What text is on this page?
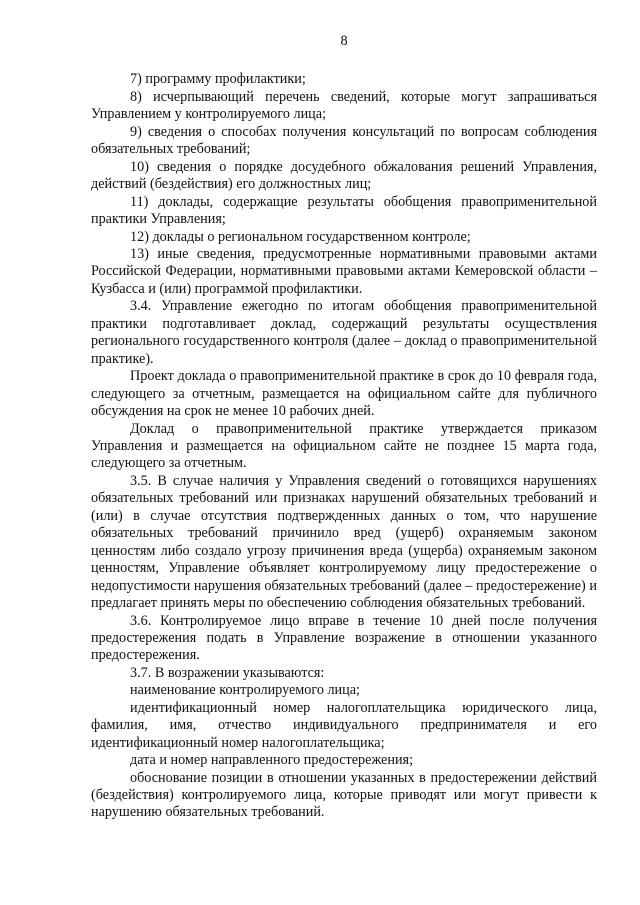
8

7) программу профилактики;

8) исчерпывающий перечень сведений, которые могут запрашиваться Управлением у контролируемого лица;

9) сведения о способах получения консультаций по вопросам соблюдения обязательных требований;

10) сведения о порядке досудебного обжалования решений Управления, действий (бездействия) его должностных лиц;

11) доклады, содержащие результаты обобщения правоприменительной практики Управления;

12) доклады о региональном государственном контроле;

13) иные сведения, предусмотренные нормативными правовыми актами Российской Федерации, нормативными правовыми актами Кемеровской области – Кузбасса и (или) программой профилактики.

3.4. Управление ежегодно по итогам обобщения правоприменительной практики подготавливает доклад, содержащий результаты осуществления регионального государственного контроля (далее – доклад о правоприменительной практике).

Проект доклада о правоприменительной практике в срок до 10 февраля года, следующего за отчетным, размещается на официальном сайте для публичного обсуждения на срок не менее 10 рабочих дней.

Доклад о правоприменительной практике утверждается приказом Управления и размещается на официальном сайте не позднее 15 марта года, следующего за отчетным.

3.5. В случае наличия у Управления сведений о готовящихся нарушениях обязательных требований или признаках нарушений обязательных требований и (или) в случае отсутствия подтвержденных данных о том, что нарушение обязательных требований причинило вред (ущерб) охраняемым законом ценностям либо создало угрозу причинения вреда (ущерба) охраняемым законом ценностям, Управление объявляет контролируемому лицу предостережение о недопустимости нарушения обязательных требований (далее – предостережение) и предлагает принять меры по обеспечению соблюдения обязательных требований.

3.6. Контролируемое лицо вправе в течение 10 дней после получения предостережения подать в Управление возражение в отношении указанного предостережения.

3.7. В возражении указываются:

наименование контролируемого лица;

идентификационный номер налогоплательщика юридического лица, фамилия, имя, отчество индивидуального предпринимателя и его идентификационный номер налогоплательщика;

дата и номер направленного предостережения;

обоснование позиции в отношении указанных в предостережении действий (бездействия) контролируемого лица, которые приводят или могут привести к нарушению обязательных требований.
